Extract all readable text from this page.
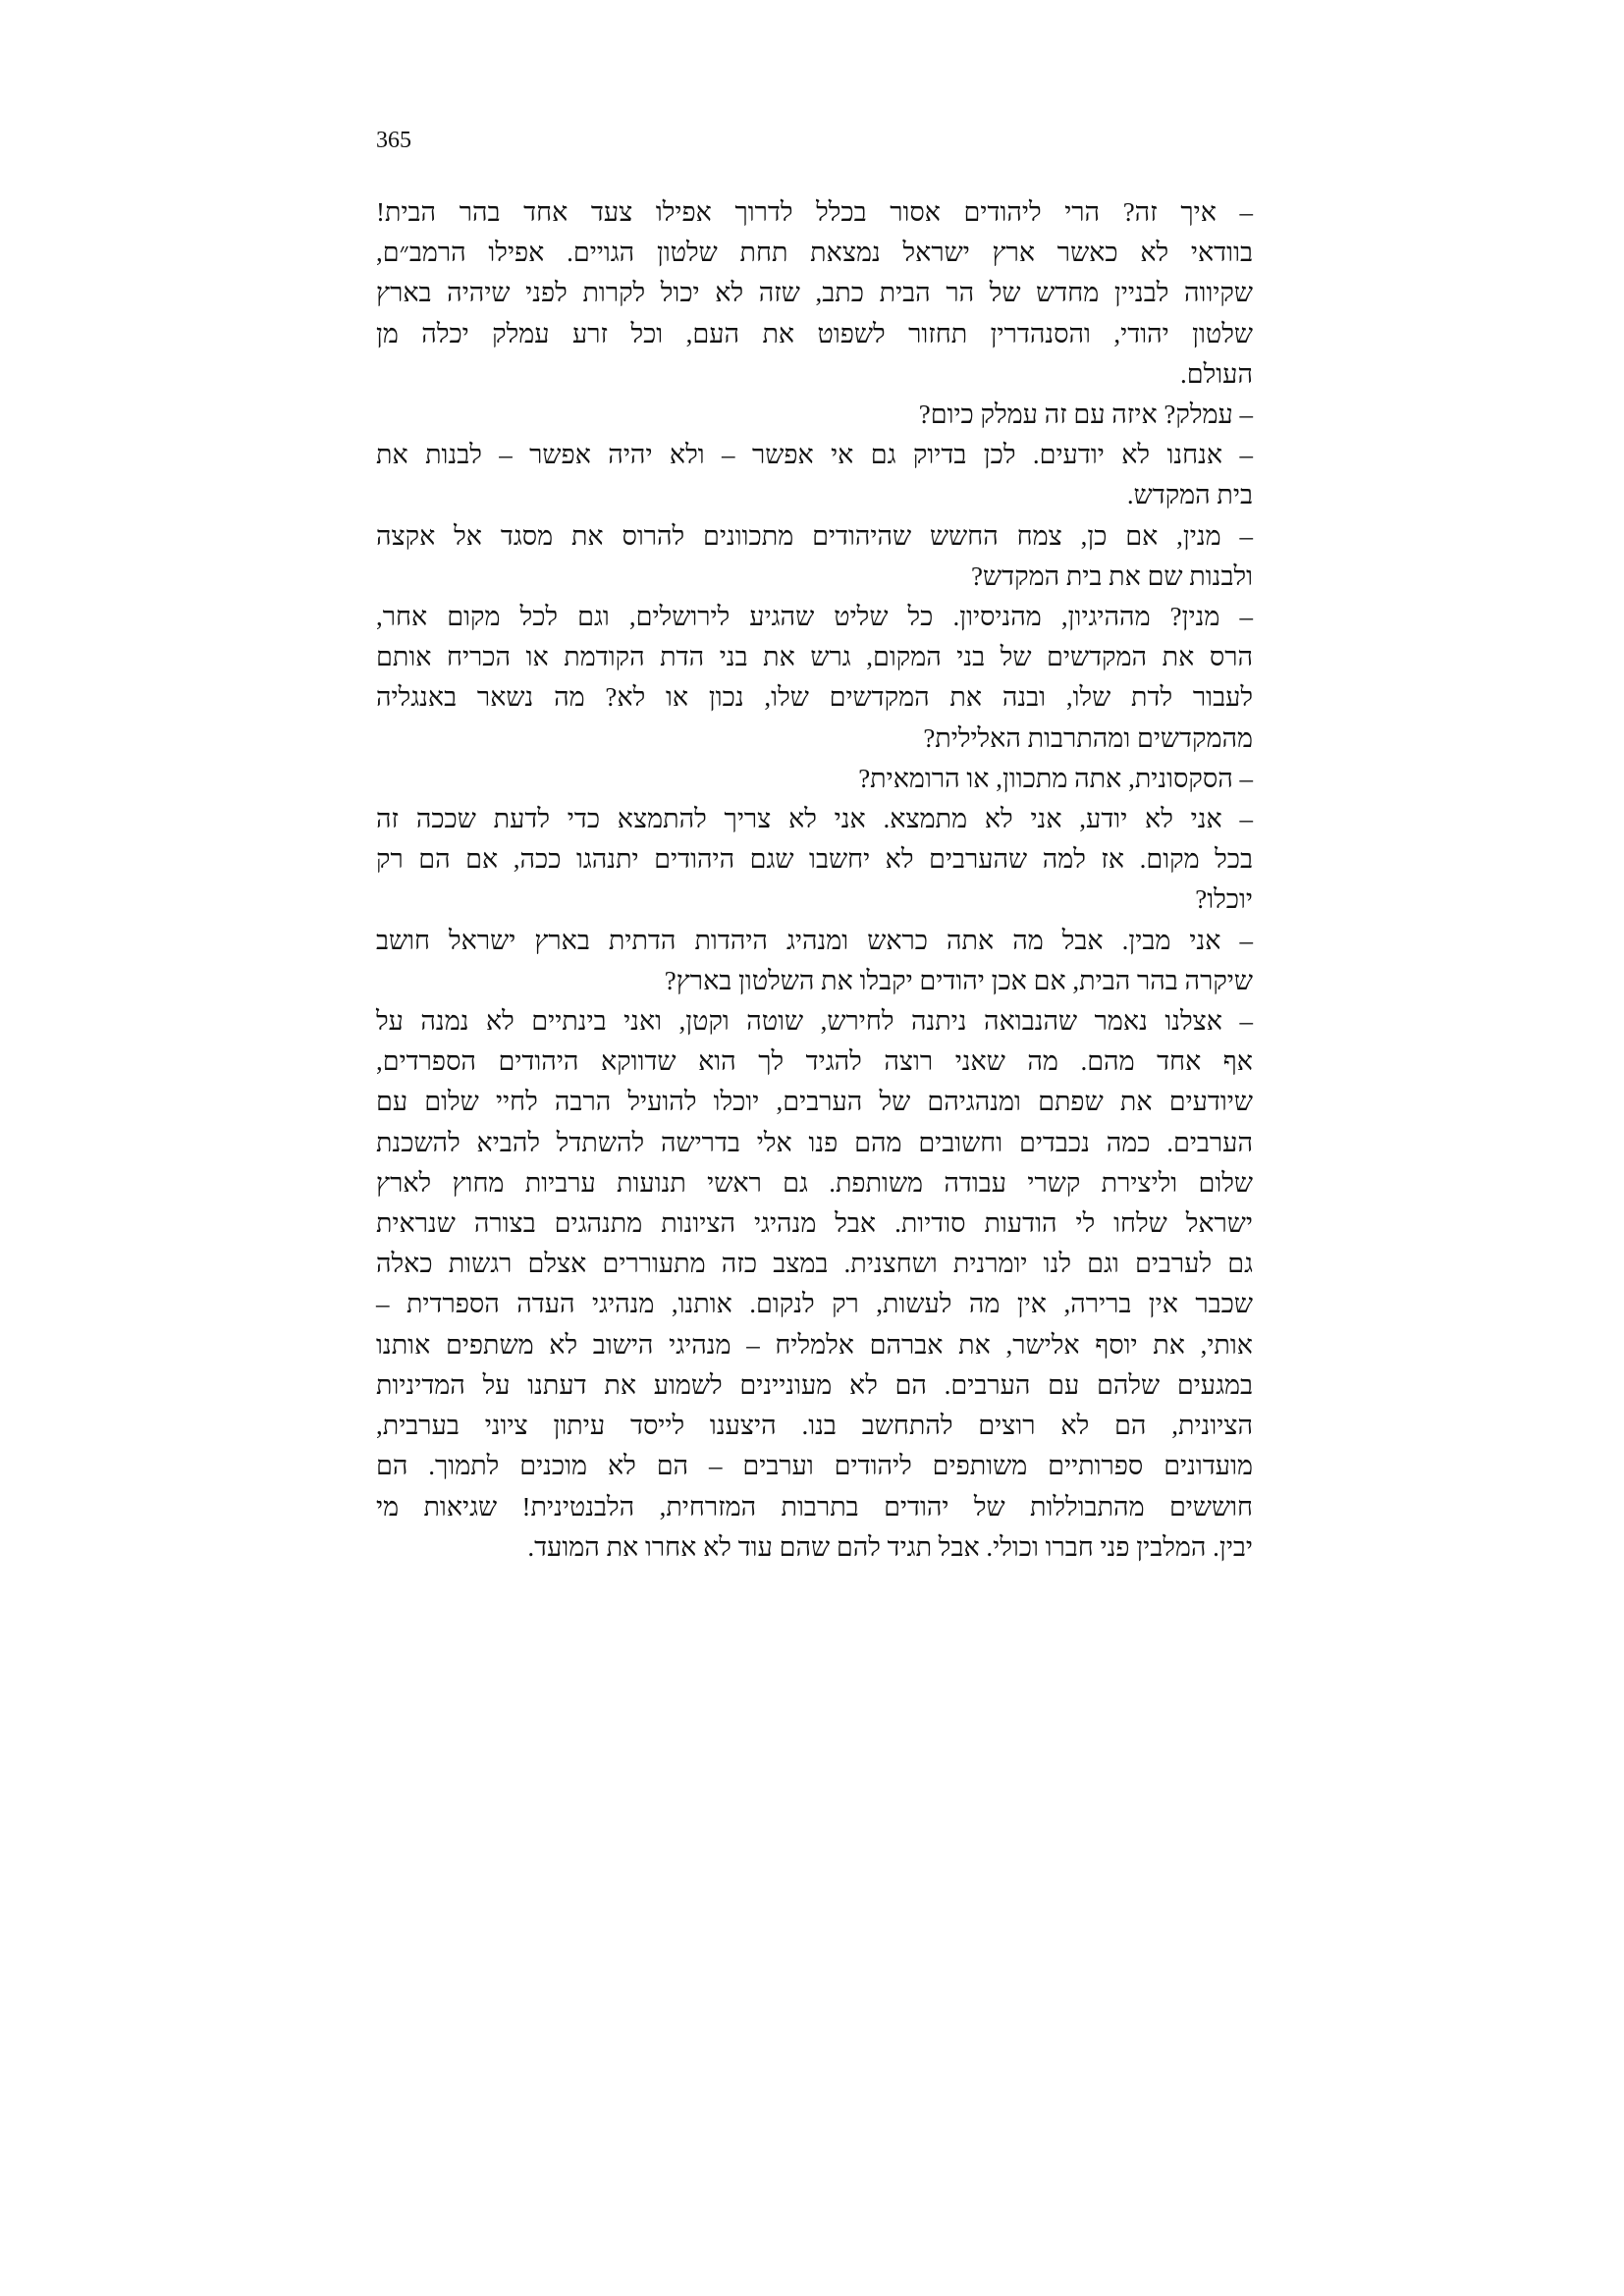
365
– איך זה? הרי ליהודים אסור בכלל לדרוך אפילו צעד אחד בהר הבית!
בוודאי לא כאשר ארץ ישראל נמצאת תחת שלטון הגויים. אפילו הרמב״ם,
שקיווה לבניין מחדש של הר הבית כתב, שזה לא יכול לקרות לפני שיהיה בארץ
שלטון יהודי, והסנהדרין תחזור לשפוט את העם, וכל זרע עמלק יכלה מן
העולם.
– עמלק? איזה עם זה עמלק כיום?
– אנחנו לא יודעים. לכן בדיוק גם אי אפשר – ולא יהיה אפשר – לבנות את
בית המקדש.
– מנין, אם כן, צמח החשש שהיהודים מתכוונים להרוס את מסגד אל אקצה
ולבנות שם את בית המקדש?
– מנין? מההיגיון, מהניסיון. כל שליט שהגיע לירושלים, וגם לכל מקום אחר,
הרס את המקדשים של בני המקום, גרש את בני הדת הקודמת או הכריח אותם
לעבור לדת שלו, ובנה את המקדשים שלו, נכון או לא? מה נשאר באנגליה
מהמקדשים ומהתרבות האלילית?
– הסקסונית, אתה מתכוון, או הרומאית?
– אני לא יודע, אני לא מתמצא. אני לא צריך להתמצא כדי לדעת שככה זה
בכל מקום. אז למה שהערבים לא יחשבו שגם היהודים יתנהגו ככה, אם הם רק
יוכלו?
– אני מבין. אבל מה אתה כראש ומנהיג היהדות הדתית בארץ ישראל חושב
שיקרה בהר הבית, אם אכן יהודים יקבלו את השלטון בארץ?
– אצלנו נאמר שהנבואה ניתנה לחירש, שוטה וקטן, ואני בינתיים לא נמנה על
אף אחד מהם. מה שאני רוצה להגיד לך הוא שדווקא היהודים הספרדים,
שיודעים את שפתם ומנהגיהם של הערבים, יוכלו להועיל הרבה לחיי שלום עם
הערבים. כמה נכבדים וחשובים מהם פנו אלי בדרישה להשתדל להביא להשכנת
שלום וליצירת קשרי עבודה משותפת. גם ראשי תנועות ערביות מחוץ לארץ
ישראל שלחו לי הודעות סודיות. אבל מנהיגי הציונות מתנהגים בצורה שנראית
גם לערבים וגם לנו יומרנית ושחצנית. במצב כזה מתעוררים אצלם רגשות כאלה
שכבר אין ברירה, אין מה לעשות, רק לנקום. אותנו, מנהיגי העדה הספרדית –
אותי, את יוסף אלישר, את אברהם אלמליח – מנהיגי הישוב לא משתפים אותנו
במגעים שלהם עם הערבים. הם לא מעוניינים לשמוע את דעתנו על המדיניות
הציונית, הם לא רוצים להתחשב בנו. היצענו לייסד עיתון ציוני בערבית,
מועדונים ספרותיים משותפים ליהודים וערבים – הם לא מוכנים לתמוך. הם
חוששים מהתבוללות של יהודים בתרבות המזרחית, הלבנטינית! שגיאות מי
יבין. המלבין פני חברו וכולי. אבל תגיד להם שהם עוד לא אחרו את המועד.
